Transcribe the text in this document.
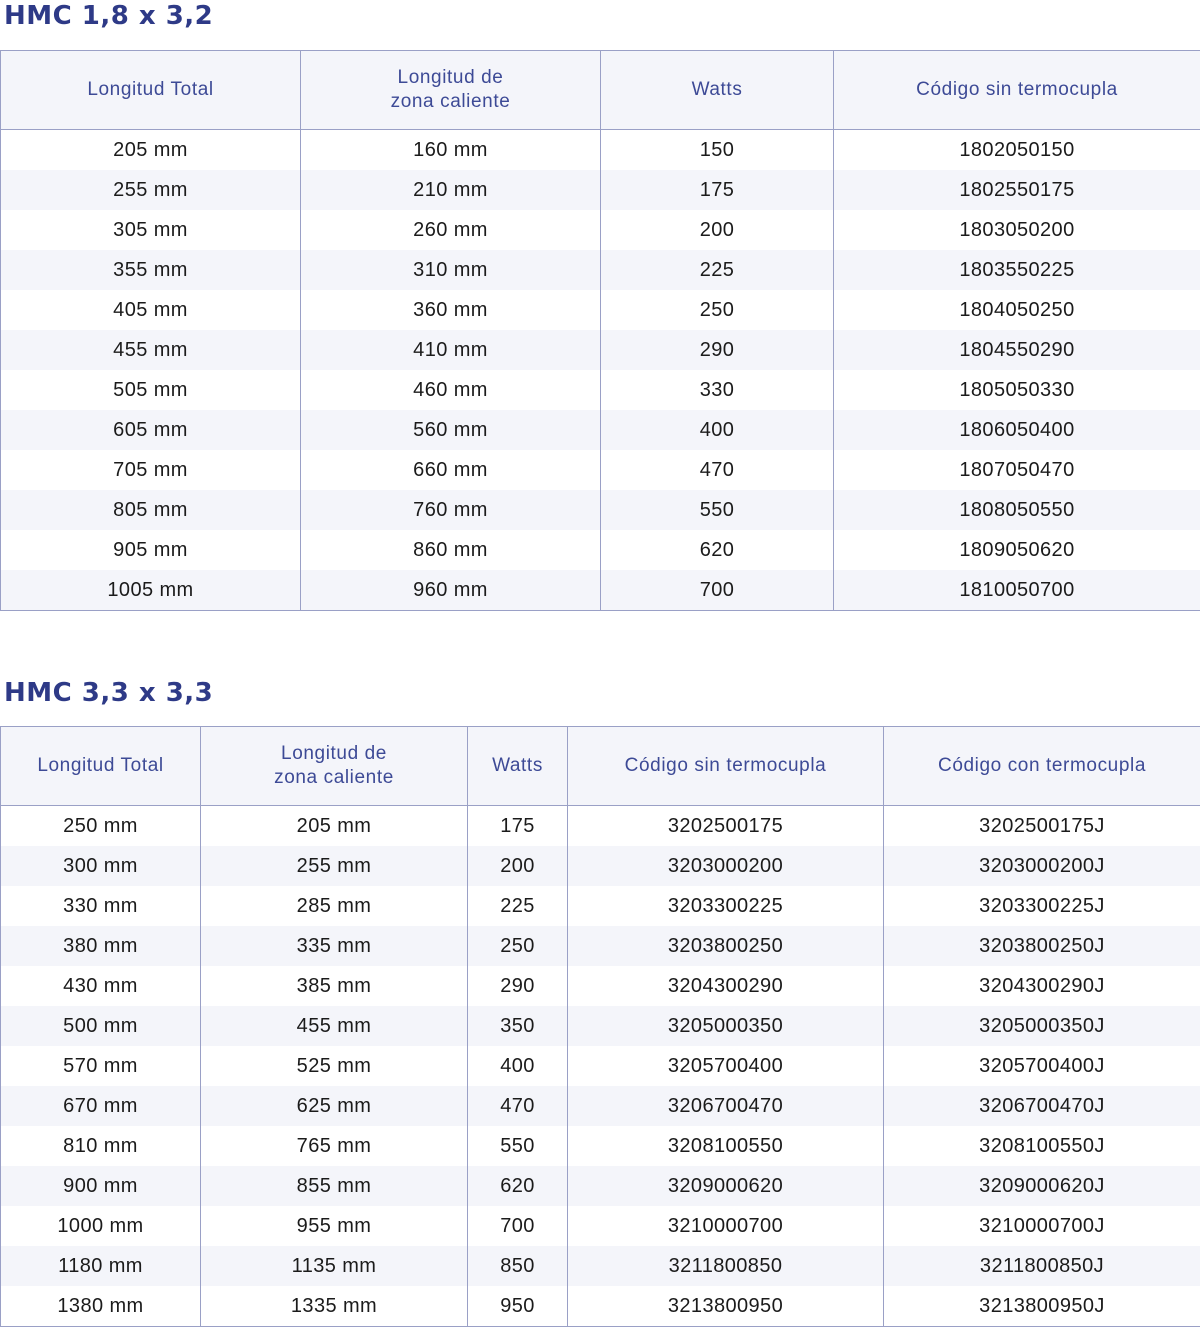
HMC 1,8 x 3,2
Longitud Total	Longitud de
zona caliente	Watts	Código sin termocupla
205 mm	160 mm	150	1802050150
255 mm	210 mm	175	1802550175
305 mm	260 mm	200	1803050200
355 mm	310 mm	225	1803550225
405 mm	360 mm	250	1804050250
455 mm	410 mm	290	1804550290
505 mm	460 mm	330	1805050330
605 mm	560 mm	400	1806050400
705 mm	660 mm	470	1807050470
805 mm	760 mm	550	1808050550
905 mm	860 mm	620	1809050620
1005 mm	960 mm	700	1810050700
HMC 3,3 x 3,3
Longitud Total	Longitud de
zona caliente	Watts	Código sin termocupla	Código con termocupla
250 mm	205 mm	175	3202500175	3202500175J
300 mm	255 mm	200	3203000200	3203000200J
330 mm	285 mm	225	3203300225	3203300225J
380 mm	335 mm	250	3203800250	3203800250J
430 mm	385 mm	290	3204300290	3204300290J
500 mm	455 mm	350	3205000350	3205000350J
570 mm	525 mm	400	3205700400	3205700400J
670 mm	625 mm	470	3206700470	3206700470J
810 mm	765 mm	550	3208100550	3208100550J
900 mm	855 mm	620	3209000620	3209000620J
1000 mm	955 mm	700	3210000700	3210000700J
1180 mm	1135 mm	850	3211800850	3211800850J
1380 mm	1335 mm	950	3213800950	3213800950J
